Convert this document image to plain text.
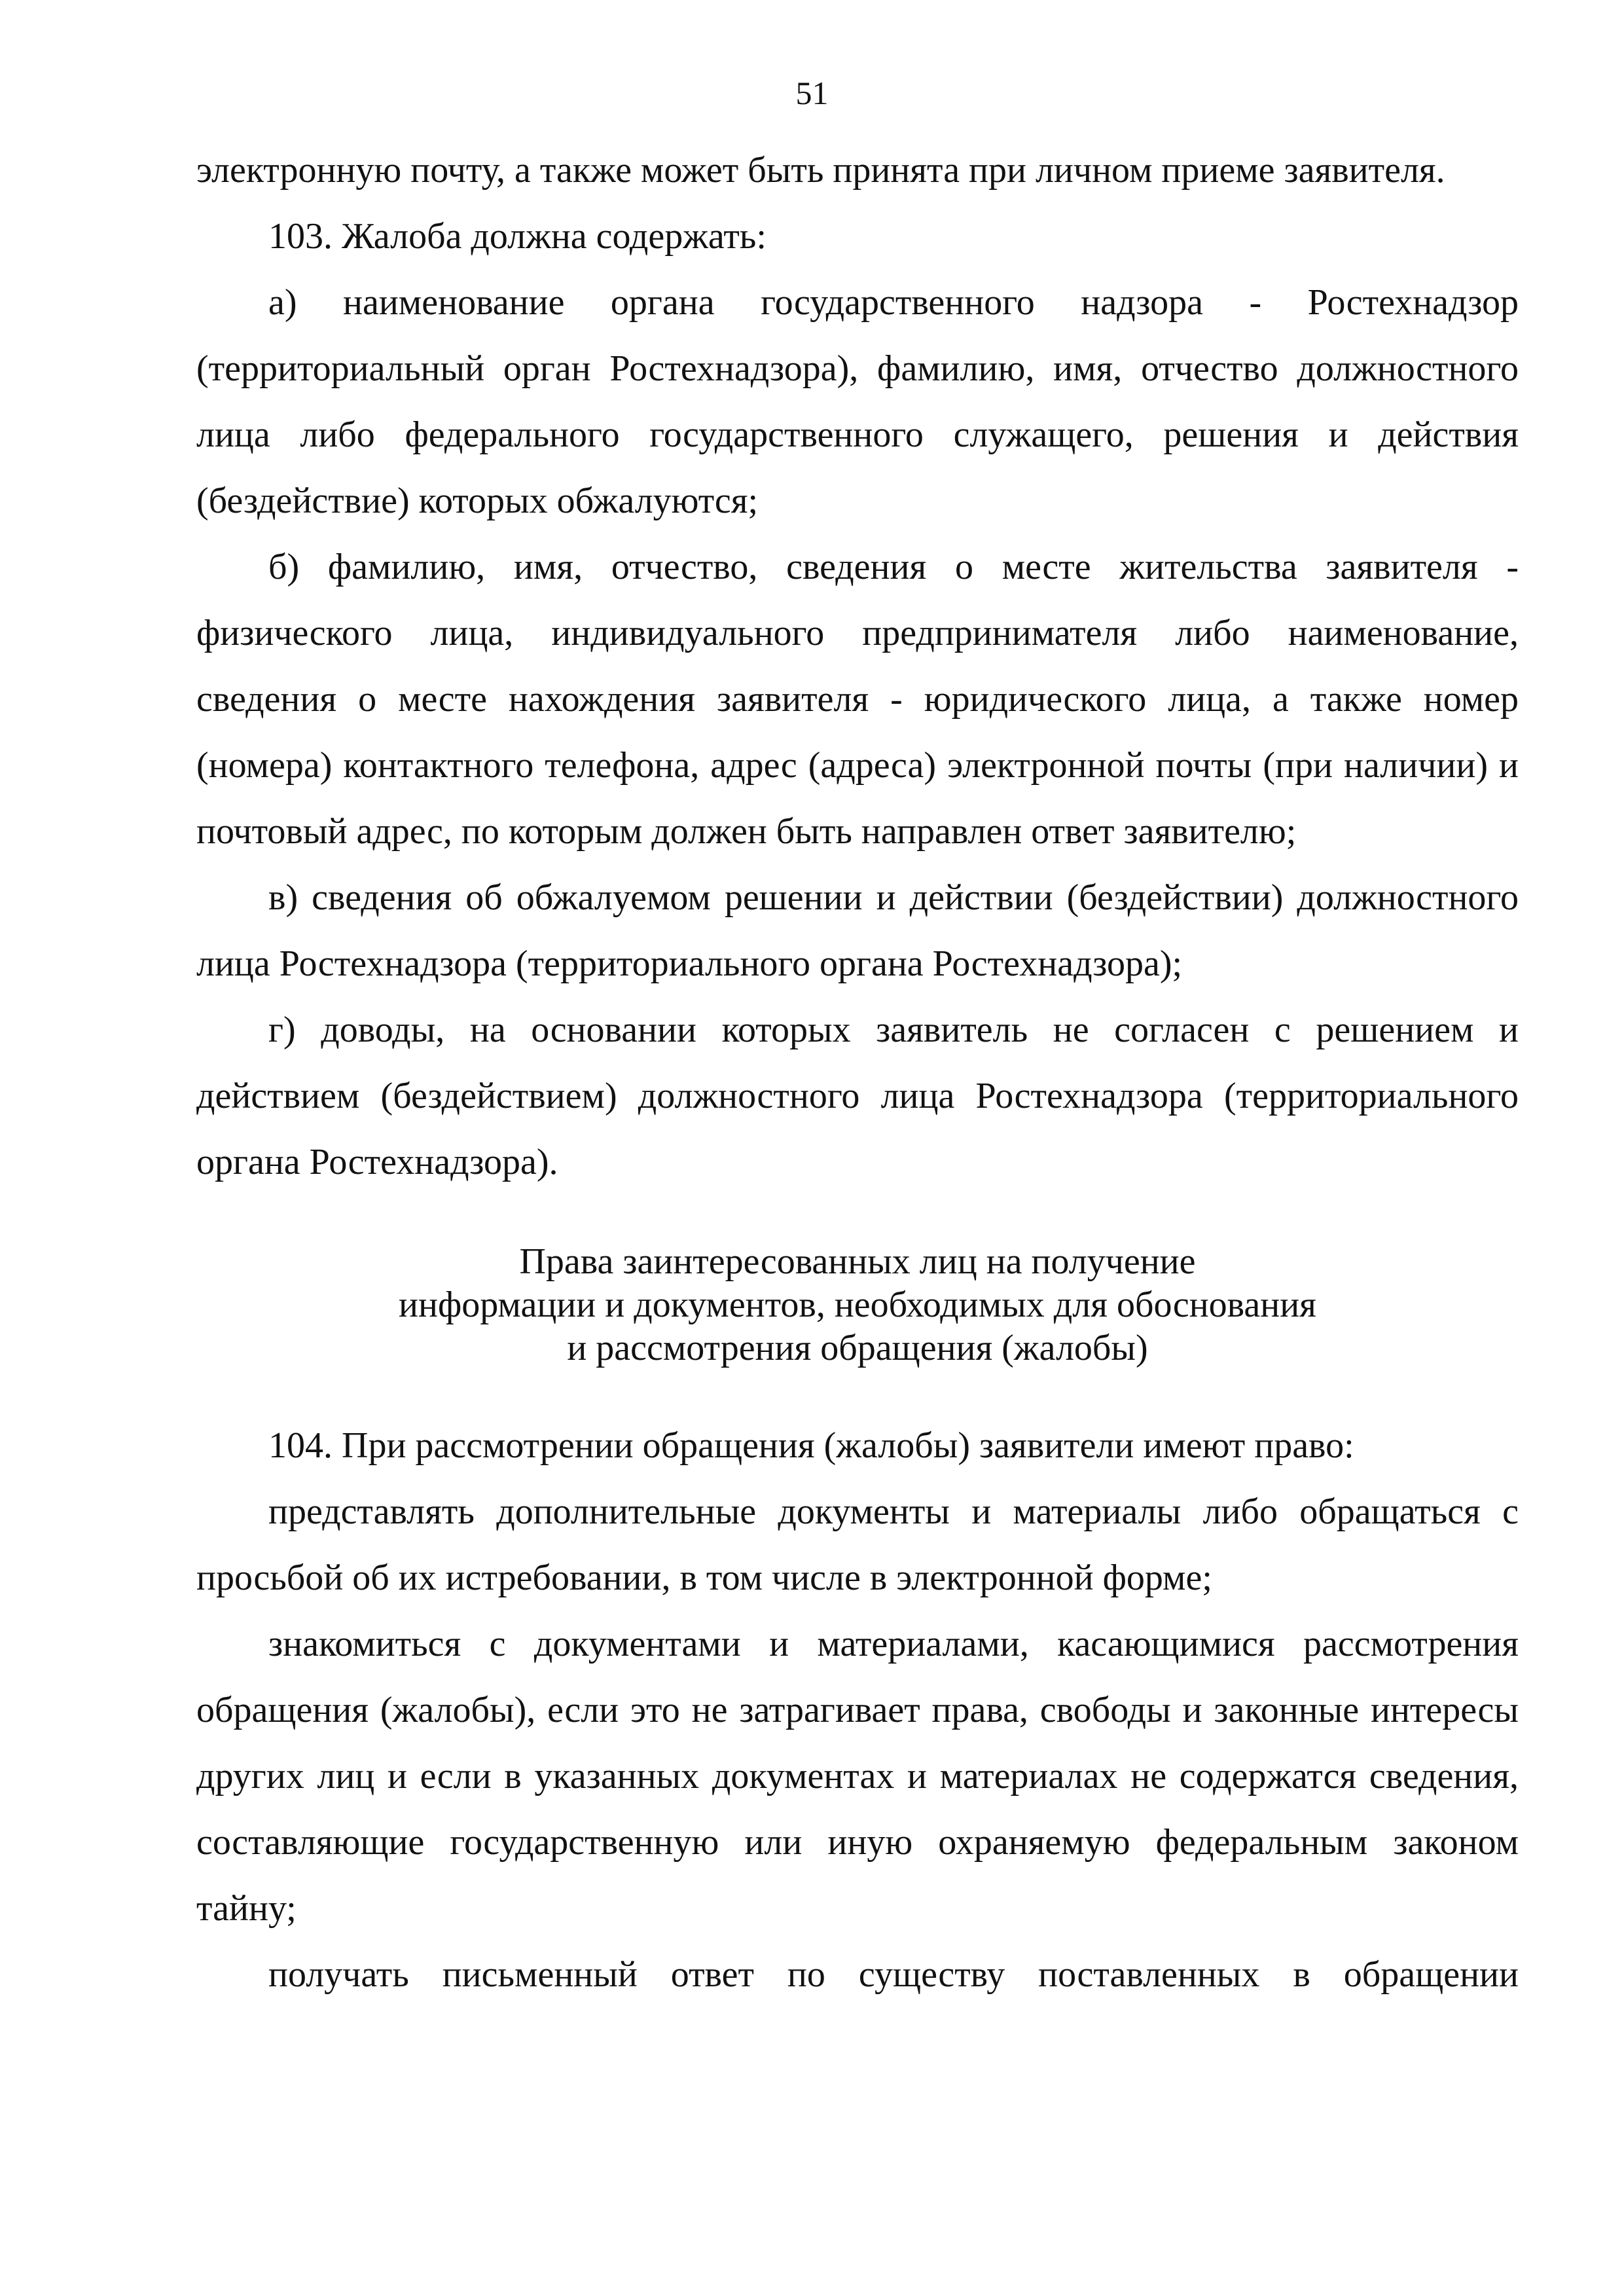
51

электронную почту, а также может быть принята при личном приеме заявителя.

103. Жалоба должна содержать:

а) наименование органа государственного надзора - Ростехнадзор (территориальный орган Ростехнадзора), фамилию, имя, отчество должностного лица либо федерального государственного служащего, решения и действия (бездействие) которых обжалуются;

б) фамилию, имя, отчество, сведения о месте жительства заявителя - физического лица, индивидуального предпринимателя либо наименование, сведения о месте нахождения заявителя - юридического лица, а также номер (номера) контактного телефона, адрес (адреса) электронной почты (при наличии) и почтовый адрес, по которым должен быть направлен ответ заявителю;

в) сведения об обжалуемом решении и действии (бездействии) должностного лица Ростехнадзора (территориального органа Ростехнадзора);

г) доводы, на основании которых заявитель не согласен с решением и действием (бездействием) должностного лица Ростехнадзора (территориального органа Ростехнадзора).

Права заинтересованных лиц на получение
информации и документов, необходимых для обоснования
и рассмотрения обращения (жалобы)

104. При рассмотрении обращения (жалобы) заявители имеют право:

представлять дополнительные документы и материалы либо обращаться с просьбой об их истребовании, в том числе в электронной форме;

знакомиться с документами и материалами, касающимися рассмотрения обращения (жалобы), если это не затрагивает права, свободы и законные интересы других лиц и если в указанных документах и материалах не содержатся сведения, составляющие государственную или иную охраняемую федеральным законом тайну;

получать письменный ответ по существу поставленных в обращении
